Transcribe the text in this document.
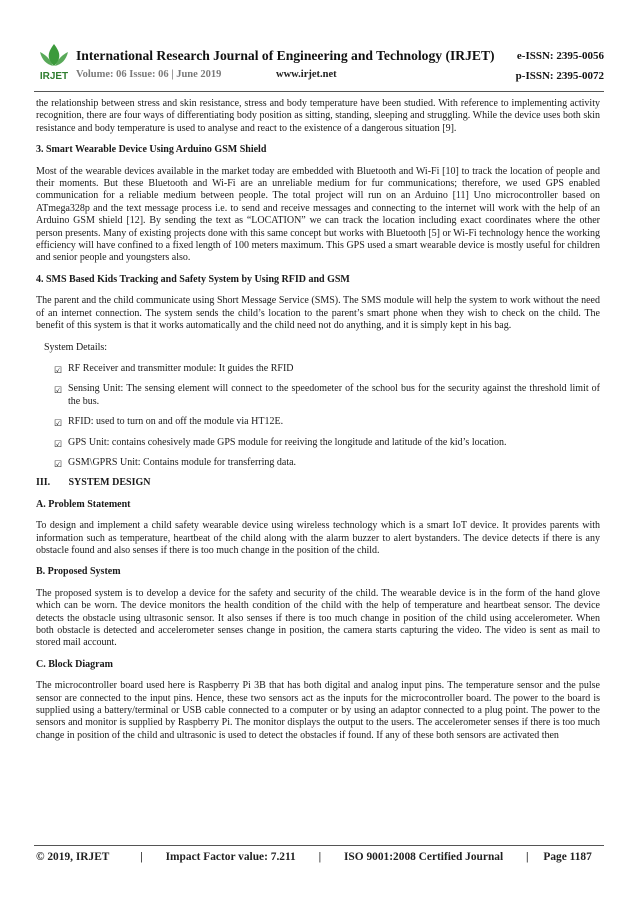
IRJET
International Research Journal of Engineering and Technology (IRJET) e-ISSN: 2395-0056
Volume: 06 Issue: 06 | June 2019	www.irjet.net	p-ISSN: 2395-0072

the relationship between stress and skin resistance, stress and body temperature have been studied. With reference to implementing activity recognition, there are four ways of differentiating body position as sitting, standing, sleeping and struggling. While the device uses both skin resistance and body temperature is used to analyse and react to the existence of a dangerous situation [9].

3. Smart Wearable Device Using Arduino GSM Shield

Most of the wearable devices available in the market today are embedded with Bluetooth and Wi-Fi [10] to track the location of people and their moments. But these Bluetooth and Wi-Fi are an unreliable medium for fur communications; therefore, we used GPS enabled communication for a reliable medium between people. The total project will run on an Arduino [11] Uno microcontroller based on ATmega328p and the text message process i.e. to send and receive messages and connecting to the internet will work with the help of an Arduino GSM shield [12]. By sending the text as “LOCATION” we can track the location including exact coordinates where the other person presents. Many of existing projects done with this same concept but works with Bluetooth [5] or Wi-Fi technology hence the working efficiency will have confined to a fixed length of 100 meters maximum. This GPS used a smart wearable device is mostly useful for children and senior people and youngsters also.

4. SMS Based Kids Tracking and Safety System by Using RFID and GSM

The parent and the child communicate using Short Message Service (SMS). The SMS module will help the system to work without the need of an internet connection. The system sends the child’s location to the parent’s smart phone when they wish to check on the child. The benefit of this system is that it works automatically and the child need not do anything, and it is simply kept in his bag.

System Details:
☑ RF Receiver and transmitter module: It guides the RFID
☑ Sensing Unit: The sensing element will connect to the speedometer of the school bus for the security against the threshold limit of the bus.
☑ RFID: used to turn on and off the module via HT12E.
☑ GPS Unit: contains cohesively made GPS module for reeiving the longitude and latitude of the kid’s location.
☑ GSM\GPRS Unit: Contains module for transferring data.
III. SYSTEM DESIGN
A. Problem Statement

To design and implement a child safety wearable device using wireless technology which is a smart IoT device. It provides parents with information such as temperature, heartbeat of the child along with the alarm buzzer to alert bystanders. The device detects if there is any obstacle found and also senses if there is too much change in the position of the child.

B. Proposed System

The proposed system is to develop a device for the safety and security of the child. The wearable device is in the form of the hand glove which can be worn. The device monitors the health condition of the child with the help of temperature and heartbeat sensor. The device detects the obstacle using ultrasonic sensor. It also senses if there is too much change in position of the child using accelerometer. When both obstacle is detected and accelerometer senses change in position, the camera starts capturing the video. The video is sent as mail to stored mail account.

C. Block Diagram

The microcontroller board used here is Raspberry Pi 3B that has both digital and analog input pins. The temperature sensor and the pulse sensor are connected to the input pins. Hence, these two sensors act as the inputs for the microcontroller board. The power to the board is supplied using a battery/terminal or USB cable connected to a computer or by using an adaptor connected to a plug point. The power to the sensors and monitor is supplied by Raspberry Pi. The monitor displays the output to the users. The accelerometer senses if there is too much change in position of the child and ultrasonic is used to detect the obstacles if found. If any of these both sensors are activated then

© 2019, IRJET	| Impact Factor value: 7.211 | ISO 9001:2008 Certified Journal | Page 1187
